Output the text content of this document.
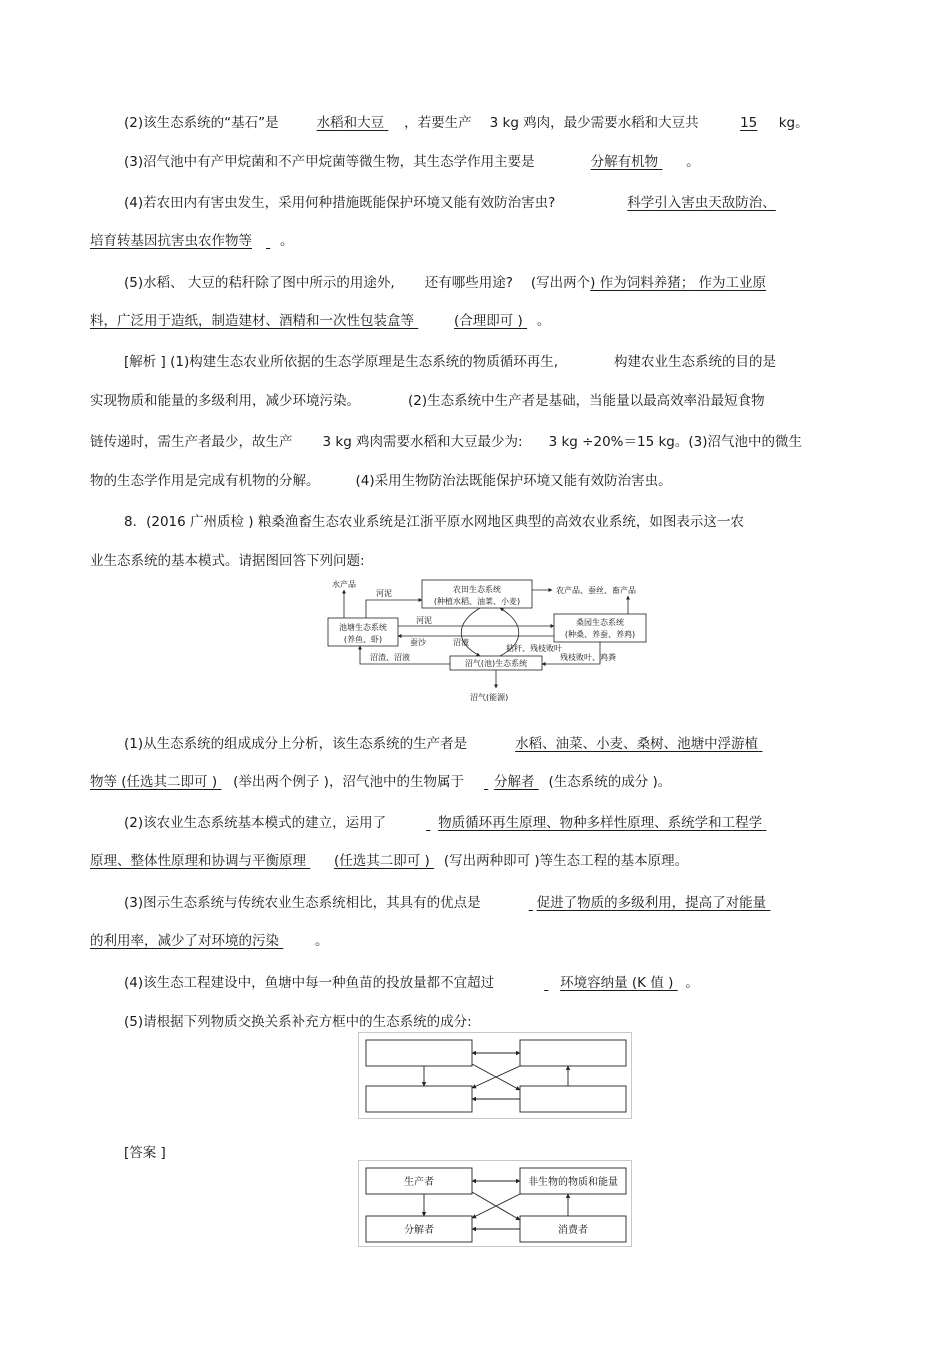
(2)该生态系统的“基石”是	水稻和大豆 ，若要生产 3 kg 鸡肉，最少需要水稻和大豆共	15 kg。
(3)沼气池中有产甲烷菌和不产甲烷菌等微生物，其生态学作用主要是	分解有机物 。
(4)若农田内有害虫发生，采用何种措施既能保护环境又能有效防治害虫?	科学引入害虫天敌防治、
培育转基因抗害虫农作物等 。
(5)水稻、 大豆的秸秆除了图中所示的用途外, 还有哪些用途? (写出两个) 作为饲料养猪； 作为工业原
料，广泛用于造纸，制造建材、酒精和一次性包装盒等	(合理即可 ) 。
[解析 ] (1)构建生态农业所依据的生态学原理是生态系统的物质循环再生,	构建农业生态系统的目的是
实现物质和能量的多级利用，减少环境污染。	(2)生态系统中生产者是基础，当能量以最高效率沿最短食物
链传递时，需生产者最少，故生产 3 kg 鸡肉需要水稻和大豆最少为: 3 kg ÷20%＝15 kg。(3)沼气池中的微生
物的生态学作用是完成有机物的分解。	(4)采用生物防治法既能保护环境又能有效防治害虫。
8．(2016 广州质检 ) 粮桑渔畜生态农业系统是江浙平原水网地区典型的高效农业系统，如图表示这一农
业生态系统的基本模式。请据图回答下列问题:
水产品
河泥	农田生态系统
(种植水稻、油菜、小麦)
农产品、蚕丝、畜产品
河泥
池塘生态系统
(养鱼、虾)	蚕沙	沼液
桑园生态系统
(种桑、养蚕、养鸡)
秸秆、残枝败叶
沼渣、沼液
沼气(池)生态系统
残枝败叶、鸡粪
沼气(能源)
(1)从生态系统的组成成分上分析，该生态系统的生产者是	水稻、油菜、小麦、桑树、池塘中浮游植
物等 (任选其二即可 ) (举出两个例子 )，沼气池中的生物属于 分解者 (生态系统的成分 )。
(2)该农业生态系统基本模式的建立，运用了	物质循环再生原理、物种多样性原理、系统学和工程学
原理、整体性原理和协调与平衡原理 (任选其二即可 ) (写出两种即可 )等生态工程的基本原理。
(3)图示生态系统与传统农业生态系统相比，其具有的优点是	促进了物质的多级利用，提高了对能量
的利用率，减少了对环境的污染	。
(4)该生态工程建设中，鱼塘中每一种鱼苗的投放量都不宜超过	环境容纳量 (K 值 ) 。
(5)请根据下列物质交换关系补充方框中的生态系统的成分:
[答案 ]
生产者	非生物的物质和能量
分解者	消费者
